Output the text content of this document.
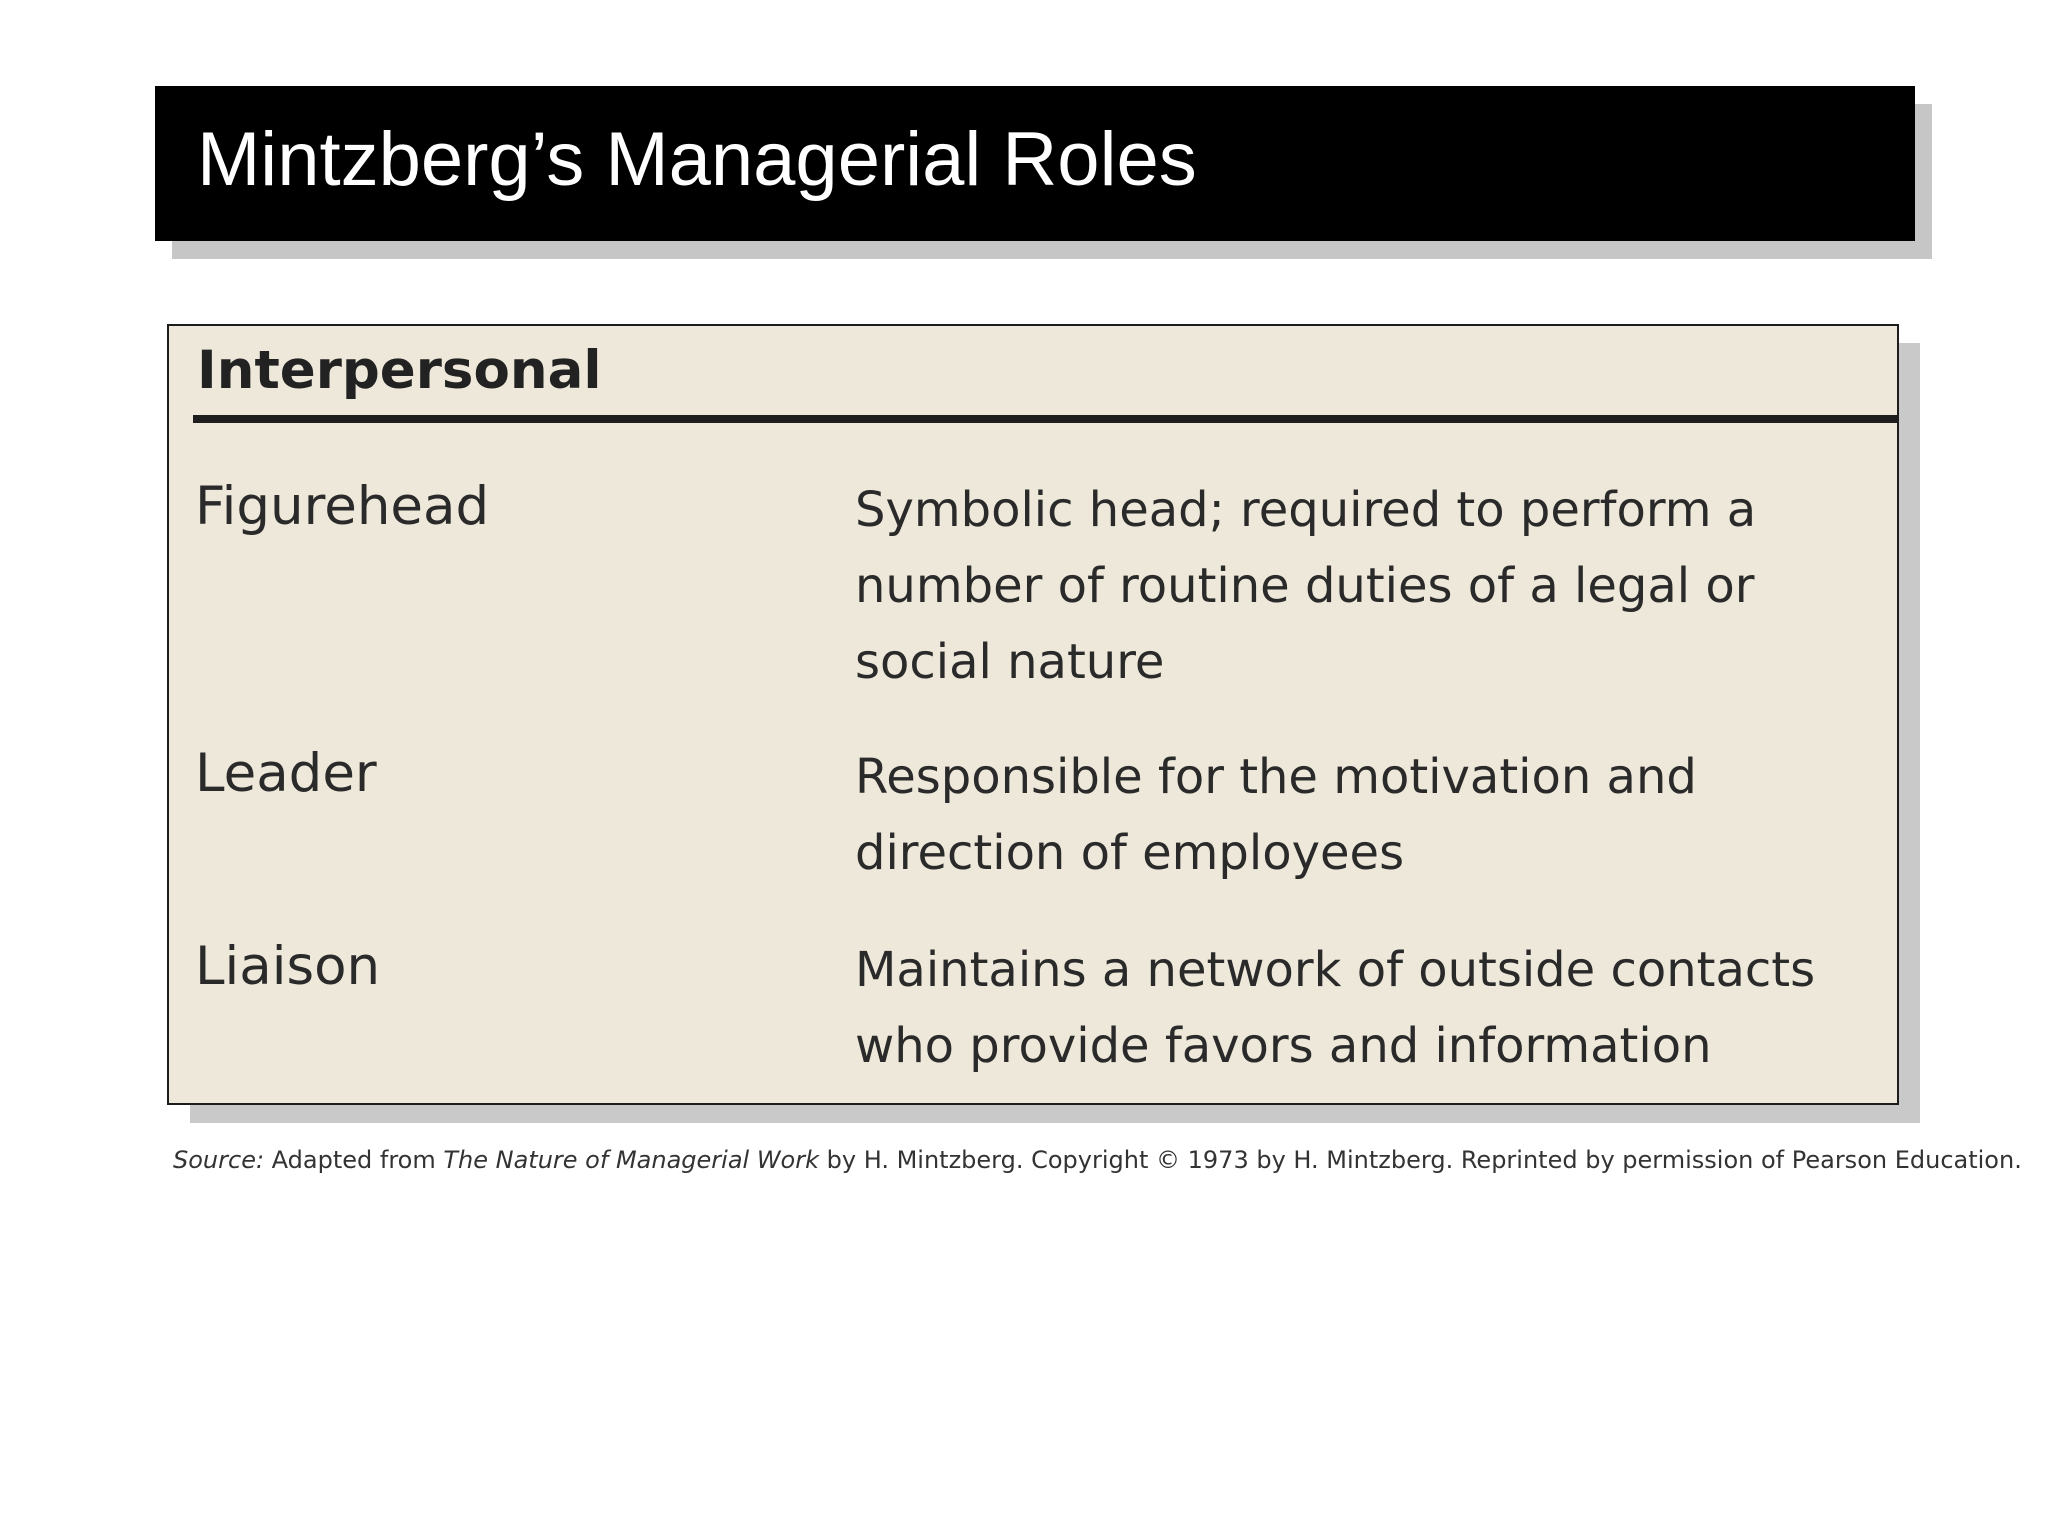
Mintzberg’s Managerial Roles
Interpersonal
Figurehead	Symbolic head; required to perform a number of routine duties of a legal or social nature

Leader	Responsible for the motivation and direction of employees

Liaison	Maintains a network of outside contacts who provide favors and information

Source: Adapted from The Nature of Managerial Work by H. Mintzberg. Copyright © 1973 by H. Mintzberg. Reprinted by permission of Pearson Education.
